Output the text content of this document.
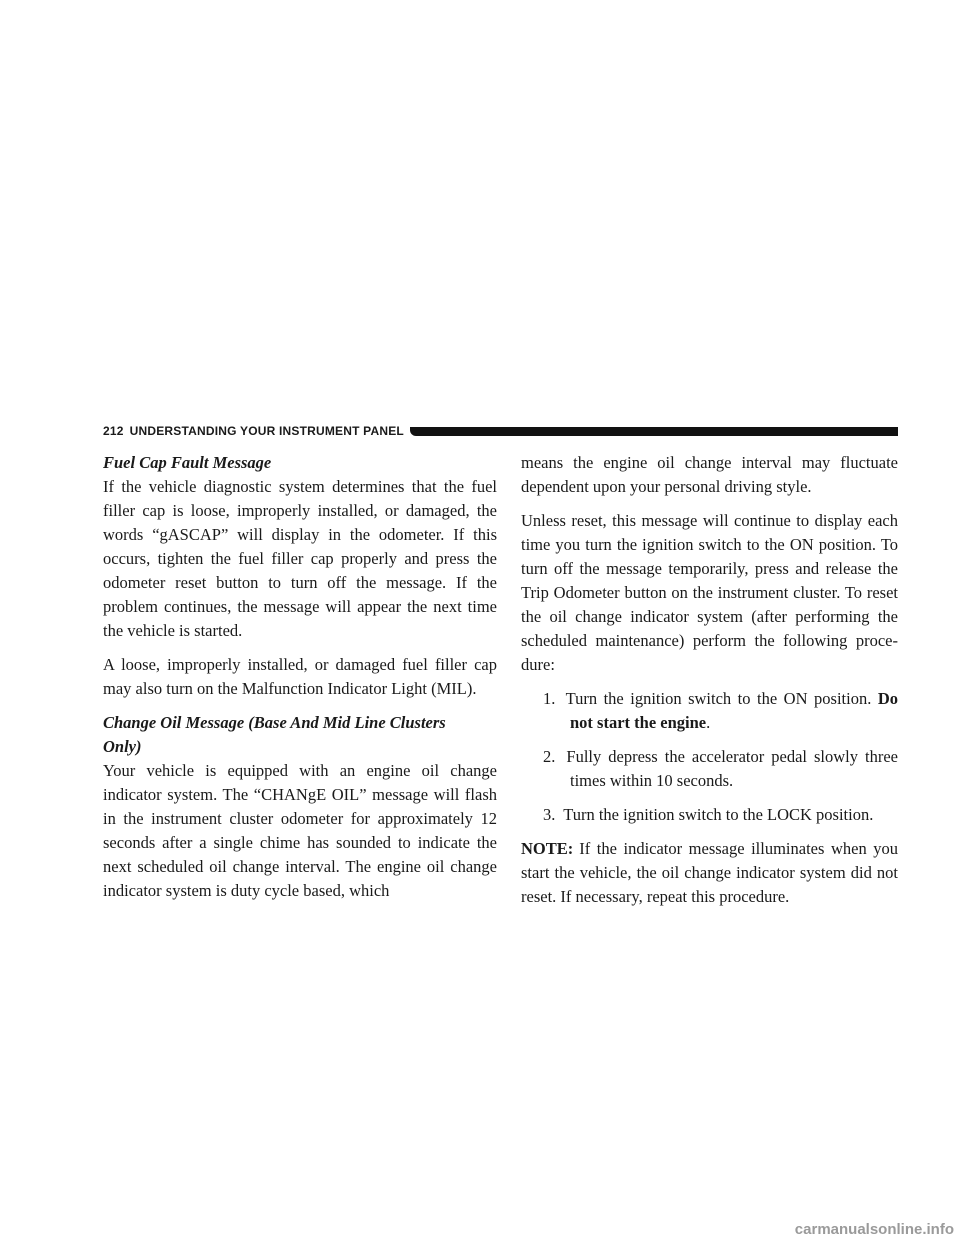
212 UNDERSTANDING YOUR INSTRUMENT PANEL
Fuel Cap Fault Message

If the vehicle diagnostic system determines that the fuel filler cap is loose, improperly installed, or damaged, the words “gASCAP” will display in the odometer. If this occurs, tighten the fuel filler cap properly and press the odometer reset button to turn off the message. If the problem continues, the message will appear the next time the vehicle is started.

A loose, improperly installed, or damaged fuel filler cap may also turn on the Malfunction Indicator Light (MIL).

Change Oil Message (Base And Mid Line Clusters
Only)

Your vehicle is equipped with an engine oil change indicator system. The “CHANgE OIL” message will flash in the instrument cluster odometer for approximately 12 seconds after a single chime has sounded to indicate the next scheduled oil change interval. The engine oil change indicator system is duty cycle based, which

means the engine oil change interval may fluctuate dependent upon your personal driving style.

Unless reset, this message will continue to display each time you turn the ignition switch to the ON position. To turn off the message temporarily, press and release the Trip Odometer button on the instrument cluster. To reset the oil change indicator system (after performing the scheduled maintenance) perform the following proce-dure:

1. Turn the ignition switch to the ON position. Do not start the engine.

2. Fully depress the accelerator pedal slowly three times within 10 seconds.

3. Turn the ignition switch to the LOCK position.

NOTE: If the indicator message illuminates when you start the vehicle, the oil change indicator system did not reset. If necessary, repeat this procedure.

carmanualsonline.info
